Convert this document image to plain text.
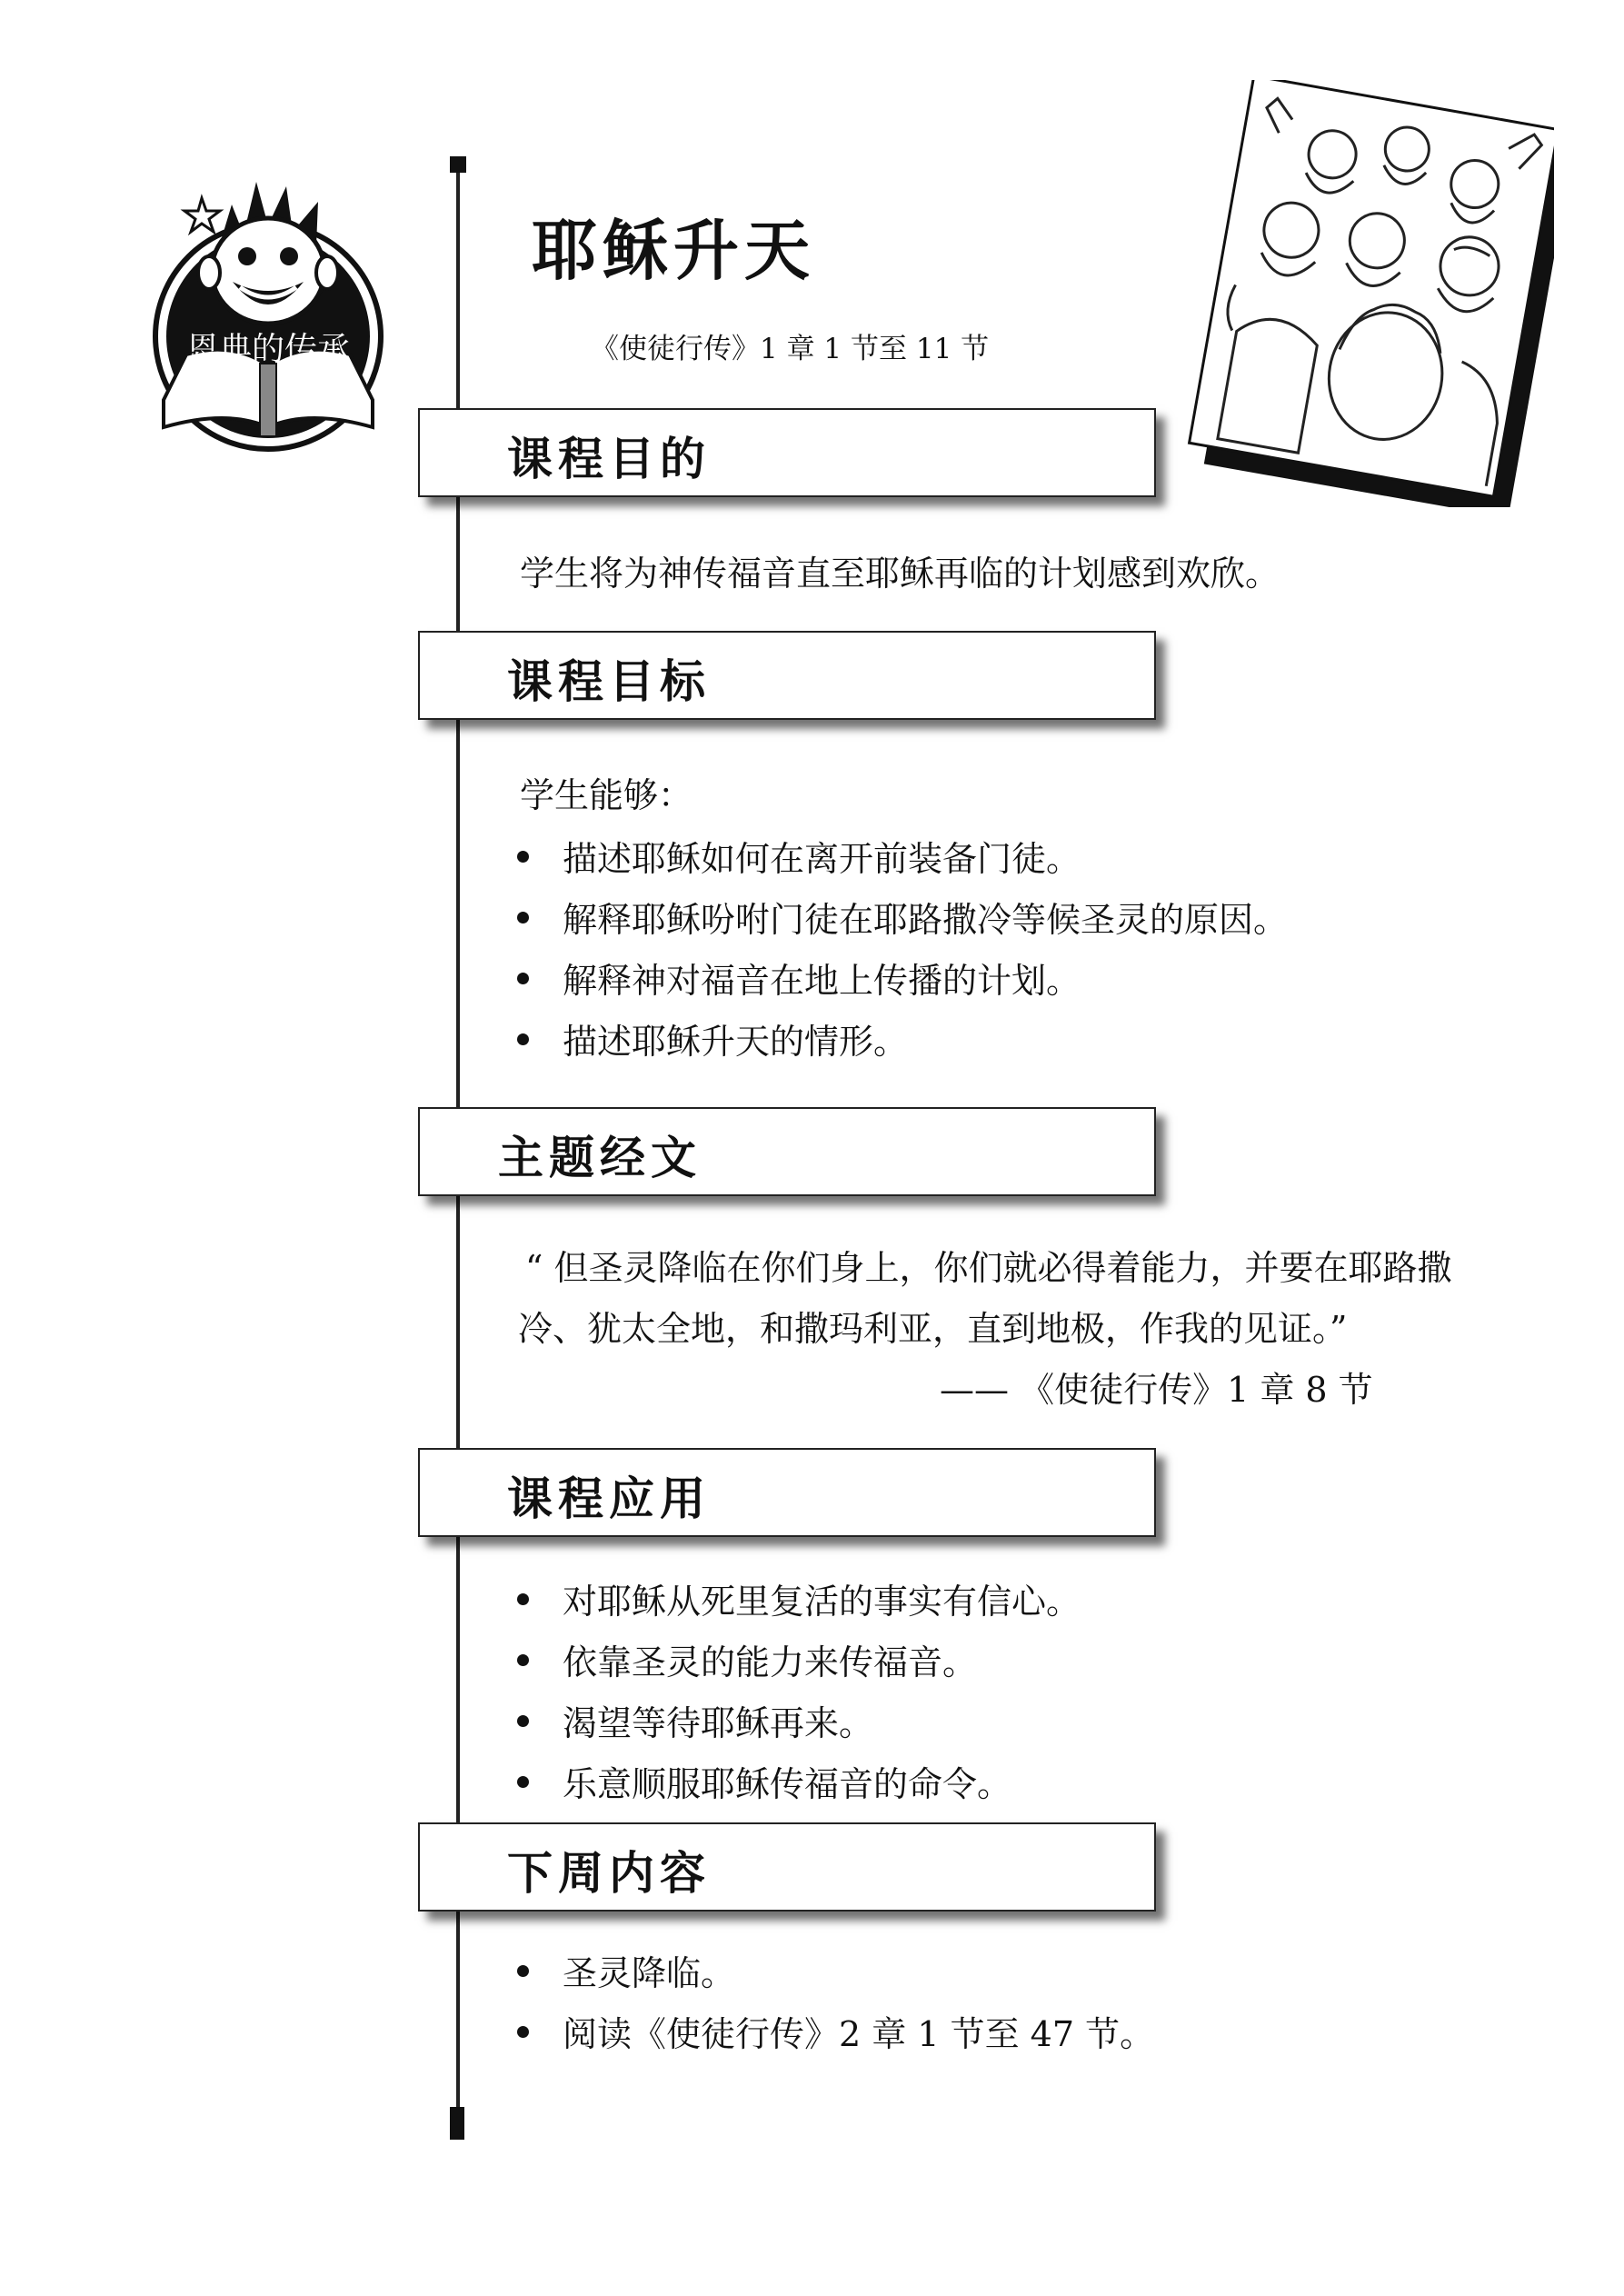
恩典的传承
耶稣升天
《使徒行传》1 章 1 节至 11 节
课程目的
学生将为神传福音直至耶稣再临的计划感到欢欣。
课程目标
学生能够：
描述耶稣如何在离开前装备门徒。
解释耶稣吩咐门徒在耶路撒冷等候圣灵的原因。
解释神对福音在地上传播的计划。
描述耶稣升天的情形。
主题经文
“ 但圣灵降临在你们身上，你们就必得着能力，并要在耶路撒
冷、犹太全地，和撒玛利亚，直到地极，作我的见证。”
—— 《使徒行传》1 章 8 节
课程应用
对耶稣从死里复活的事实有信心。
依靠圣灵的能力来传福音。
渴望等待耶稣再来。
乐意顺服耶稣传福音的命令。
下周内容
圣灵降临。
阅读《使徒行传》2 章 1 节至 47 节。
